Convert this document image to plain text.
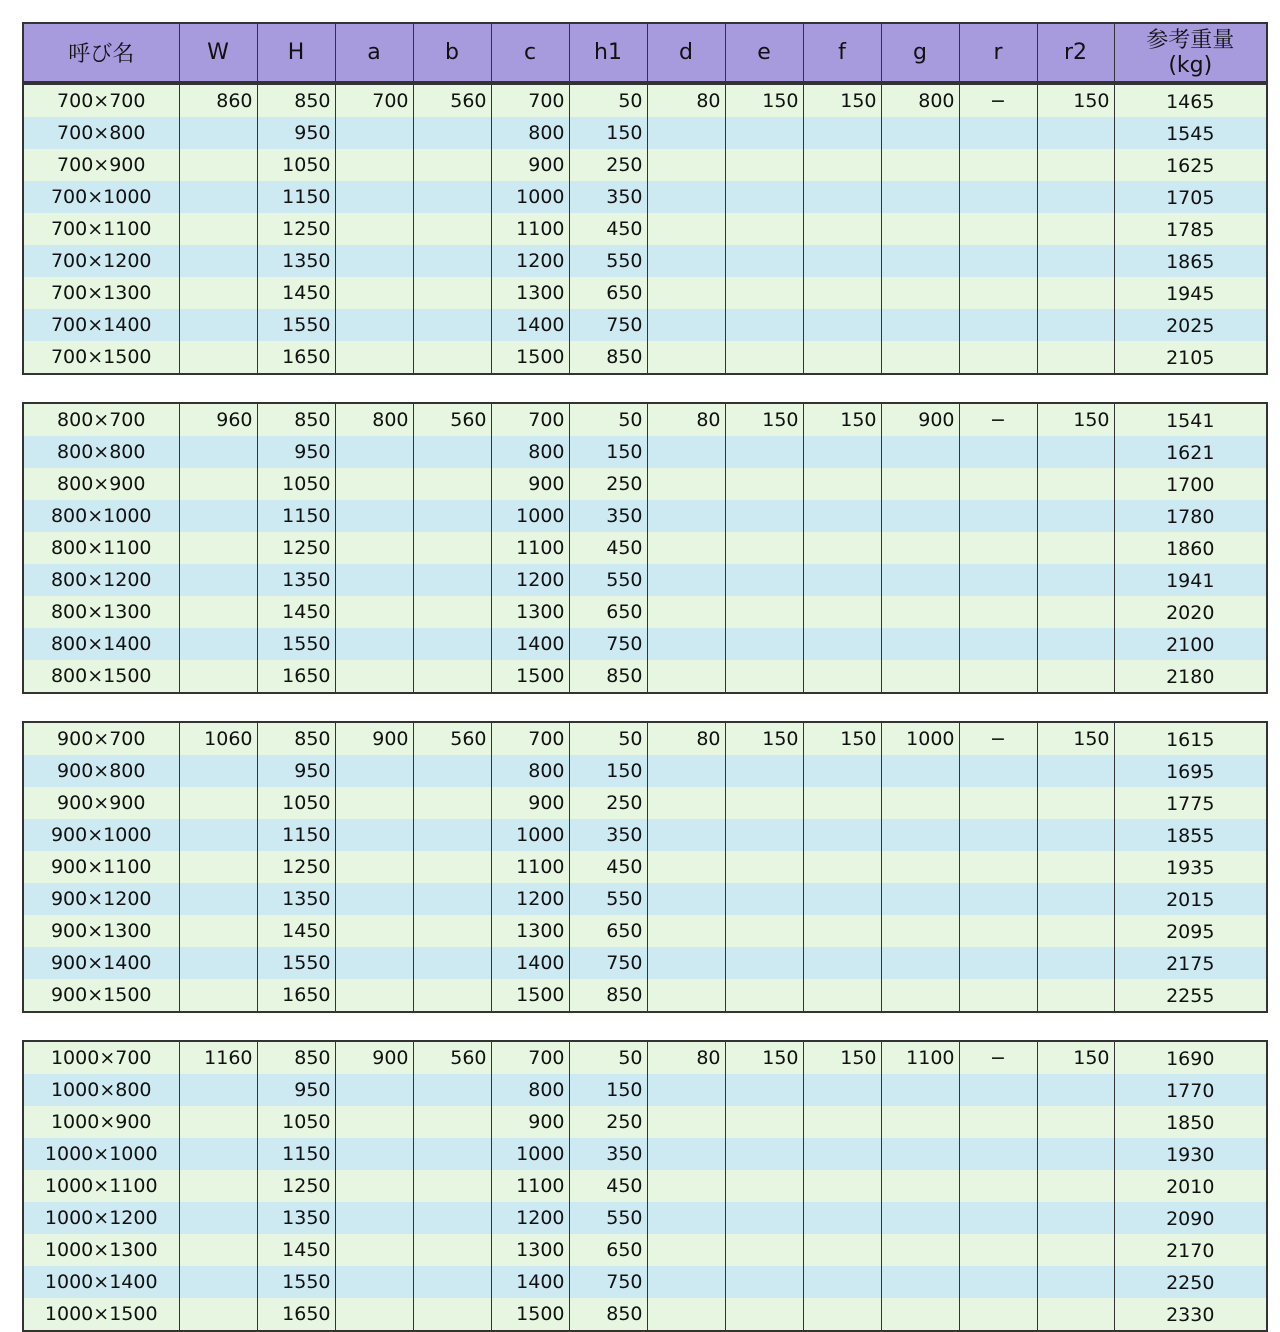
呼び名	W	H	a	b	c	h1	d	e	f	g	r	r2	参考重量
(kg)
700×700	860	850	700	560	700	50	80	150	150	800	−	150	1465
700×800		950			800	150							1545
700×900		1050			900	250							1625
700×1000		1150			1000	350							1705
700×1100		1250			1100	450							1785
700×1200		1350			1200	550							1865
700×1300		1450			1300	650							1945
700×1400		1550			1400	750							2025
700×1500		1650			1500	850							2105
800×700	960	850	800	560	700	50	80	150	150	900	−	150	1541
800×800		950			800	150							1621
800×900		1050			900	250							1700
800×1000		1150			1000	350							1780
800×1100		1250			1100	450							1860
800×1200		1350			1200	550							1941
800×1300		1450			1300	650							2020
800×1400		1550			1400	750							2100
800×1500		1650			1500	850							2180
900×700	1060	850	900	560	700	50	80	150	150	1000	−	150	1615
900×800		950			800	150							1695
900×900		1050			900	250							1775
900×1000		1150			1000	350							1855
900×1100		1250			1100	450							1935
900×1200		1350			1200	550							2015
900×1300		1450			1300	650							2095
900×1400		1550			1400	750							2175
900×1500		1650			1500	850							2255
1000×700	1160	850	900	560	700	50	80	150	150	1100	−	150	1690
1000×800		950			800	150							1770
1000×900		1050			900	250							1850
1000×1000		1150			1000	350							1930
1000×1100		1250			1100	450							2010
1000×1200		1350			1200	550							2090
1000×1300		1450			1300	650							2170
1000×1400		1550			1400	750							2250
1000×1500		1650			1500	850							2330
